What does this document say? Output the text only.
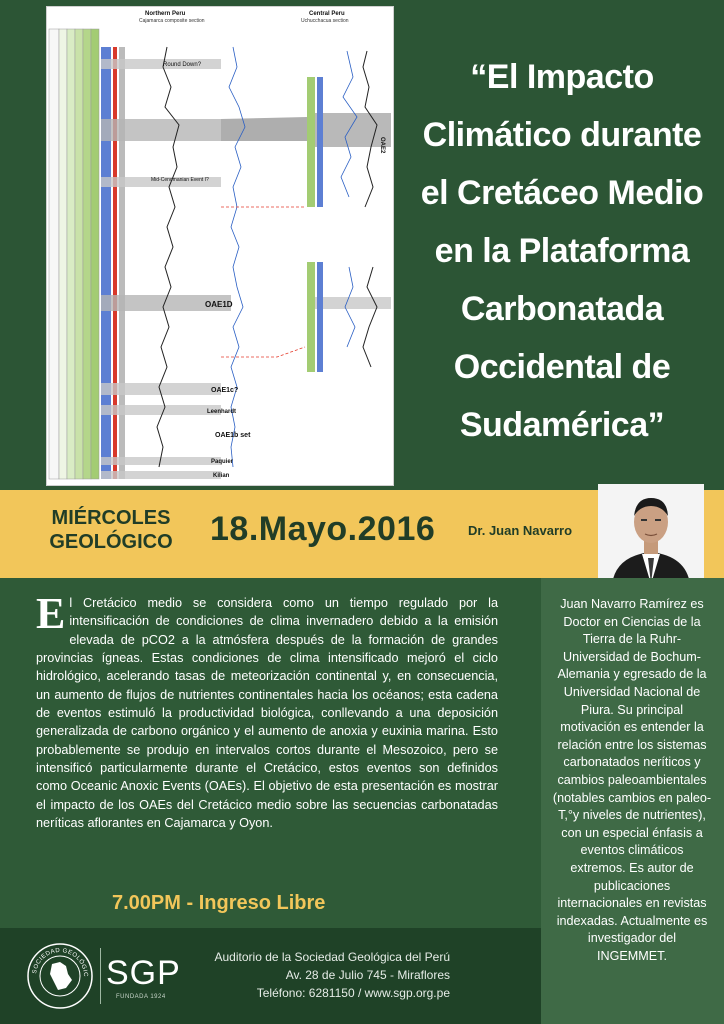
Northern Peru
Cajamarca composite section
Central Peru
Uchucchacua section
Round Down?
Mid-Cenomanian Event I?
OAE2
OAE1D
OAE1c?
Leenhardt
OAE1b set
Paquier
Kilian
“El Impacto
Climático durante
el Cretáceo Medio
en la Plataforma
Carbonatada
Occidental de
Sudamérica”
MIÉRCOLES
GEOLÓGICO	18.Mayo.2016	Dr. Juan Navarro
El Cretácico medio se considera como un tiempo regulado por la intensificación de condiciones de clima invernadero debido a la emisión elevada de pCO2 a la atmósfera después de la formación de grandes provincias ígneas. Estas condiciones de clima intensificado mejoró el ciclo hidrológico, acelerando tasas de meteorización continental y, en consecuencia, un aumento de flujos de nutrientes continentales hacia los océanos; esta cadena de eventos estimuló la productividad biológica, conllevando a una deposición generalizada de carbono orgánico y el aumento de anoxia y euxinia marina. Esto probablemente se produjo en intervalos cortos durante el Mesozoico, pero se intensificó particularmente durante el Cretácico, estos eventos son definidos como Oceanic Anoxic Events (OAEs). El objetivo de esta presentación es mostrar el impacto de los OAEs del Cretácico medio sobre las secuencias carbonatadas neríticas aflorantes en Cajamarca y Oyon.
7.00PM - Ingreso Libre
Juan Navarro Ramírez es Doctor en Ciencias de la Tierra de la Ruhr-Universidad de Bochum-Alemania y egresado de la Universidad Nacional de Piura. Su principal motivación es entender la relación entre los sistemas carbonatados neríticos y cambios paleoambientales (notables cambios en paleo-T,°y niveles de nutrientes), con un especial énfasis a eventos climáticos extremos. Es autor de publicaciones internacionales en revistas indexadas. Actualmente es investigador del INGEMMET.
SOCIEDAD GEOLÓGIC SGP
FUNDADA 1924
Auditorio de la Sociedad Geológica del Perú
Av. 28 de Julio 745 - Miraflores
Teléfono: 6281150 / www.sgp.org.pe
